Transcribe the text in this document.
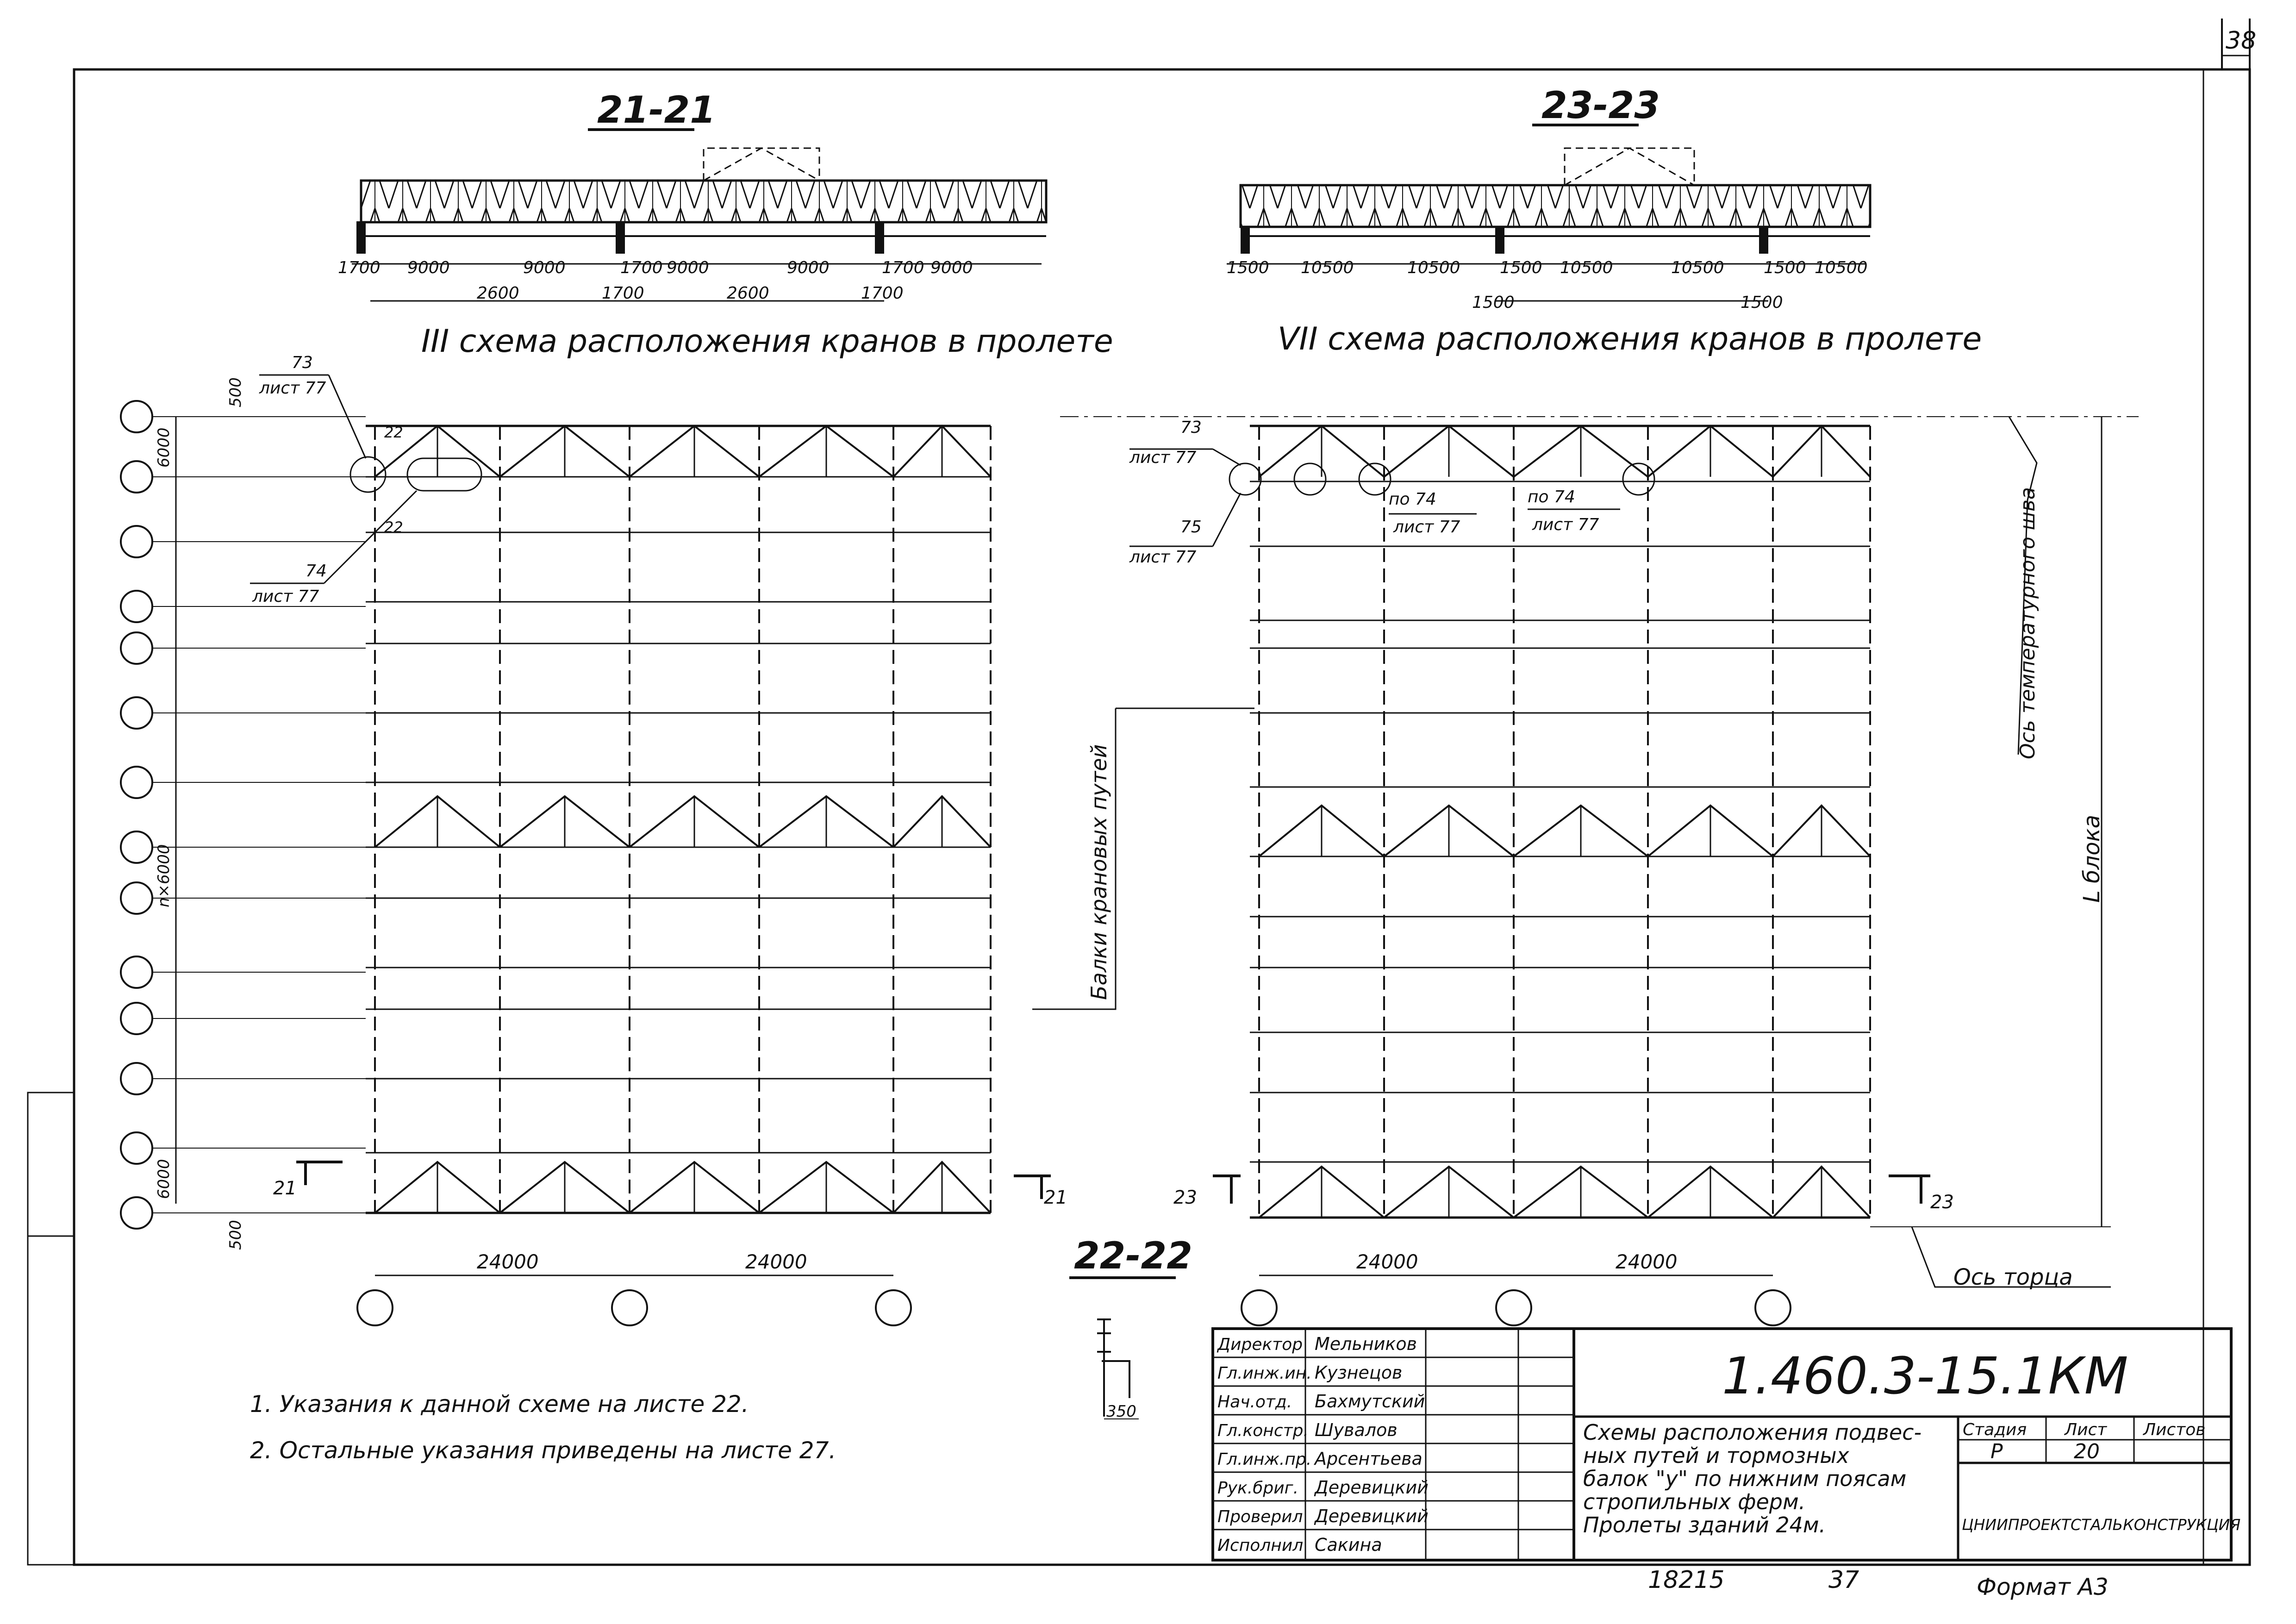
38
21-21
1700 9000	9000	1700 9000	9000	1700 9000
2600	1700	2600	1700
III схема расположения кранов в пролете
23-23
1500 10500	10500 1500 10500	10500 1500 10500
1500	1500
VII схема расположения кранов в пролете
500
6000
n×6000
6000
500
73
лист 77
74
лист 77
22
22
21	21
24000	24000
73
лист 77
75
лист 77
по 74
лист 77
по 74
лист 77
23	23
L блока
Ось температурного шва
Ось торца
24000	24000
Балки крановых путей
22-22
350
1. Указания к данной схеме на листе 22.
2. Остальные указания приведены на листе 27.
Директор Мельников
Гл.инж.ин. Кузнецов
Нач.отд. Бахмутский
Гл.констр. Шувалов
Гл.инж.пр. Арсентьева
Рук.бриг. Деревицкий
Проверил Деревицкий
Исполнил Сакина
1.460.3-15.1КМ
Схемы расположения подвес-
ных путей и тормозных
балок "у" по нижним поясам
стропильных ферм.
Пролеты зданий 24м.
Стадия Лист Листов
Р	20
ЦНИИПРОЕКТСТАЛЬКОНСТРУКЦИЯ
18215	37	Формат А3
